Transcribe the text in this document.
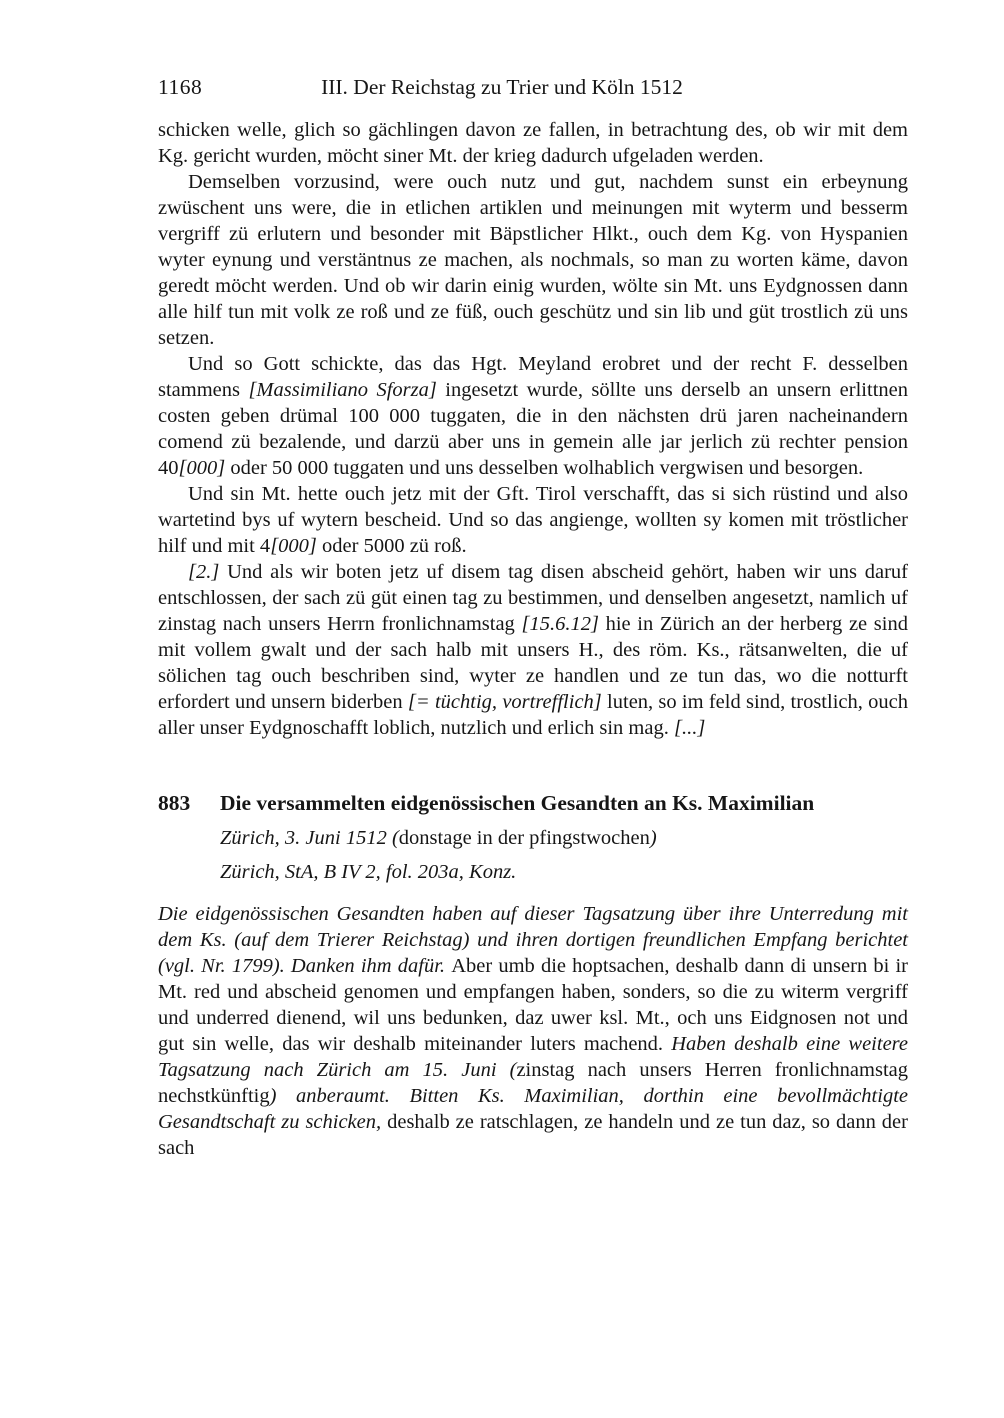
1168	III. Der Reichstag zu Trier und Köln 1512

schicken welle, glich so gächlingen davon ze fallen, in betrachtung des, ob wir mit dem Kg. gericht wurden, möcht siner Mt. der krieg dadurch ufgeladen werden.

Demselben vorzusind, were ouch nutz und gut, nachdem sunst ein erbeynung zwüschent uns were, die in etlichen artiklen und meinungen mit wyterm und besserm vergriff zü erlutern und besonder mit Bäpstlicher Hlkt., ouch dem Kg. von Hyspanien wyter eynung und verstäntnus ze machen, als nochmals, so man zu worten käme, davon geredt möcht werden. Und ob wir darin einig wurden, wölte sin Mt. uns Eydgnossen dann alle hilf tun mit volk ze roß und ze füß, ouch geschütz und sin lib und güt trostlich zü uns setzen.

Und so Gott schickte, das das Hgt. Meyland erobret und der recht F. desselben stammens [Massimiliano Sforza] ingesetzt wurde, söllte uns derselb an unsern erlittnen costen geben drümal 100 000 tuggaten, die in den nächsten drü jaren nacheinandern comend zü bezalende, und darzü aber uns in gemein alle jar jerlich zü rechter pension 40[000] oder 50 000 tuggaten und uns desselben wolhablich vergwisen und besorgen.

Und sin Mt. hette ouch jetz mit der Gft. Tirol verschafft, das si sich rüstind und also wartetind bys uf wytern bescheid. Und so das angienge, wollten sy komen mit tröstlicher hilf und mit 4[000] oder 5000 zü roß.

[2.] Und als wir boten jetz uf disem tag disen abscheid gehört, haben wir uns daruf entschlossen, der sach zü güt einen tag zu bestimmen, und denselben angesetzt, namlich uf zinstag nach unsers Herrn fronlichnamstag [15.6.12] hie in Zürich an der herberg ze sind mit vollem gwalt und der sach halb mit unsers H., des röm. Ks., rätsanwelten, die uf sölichen tag ouch beschriben sind, wyter ze handlen und ze tun das, wo die notturft erfordert und unsern biderben [= tüchtig, vortrefflich] luten, so im feld sind, trostlich, ouch aller unser Eydgnoschafft loblich, nutzlich und erlich sin mag. [...]

883	Die versammelten eidgenössischen Gesandten an Ks. Maximilian

Zürich, 3. Juni 1512 (donstage in der pfingstwochen)

Zürich, StA, B IV 2, fol. 203a, Konz.

Die eidgenössischen Gesandten haben auf dieser Tagsatzung über ihre Unterredung mit dem Ks. (auf dem Trierer Reichstag) und ihren dortigen freundlichen Empfang berichtet (vgl. Nr. 1799). Danken ihm dafür. Aber umb die hoptsachen, deshalb dann di unsern bi ir Mt. red und abscheid genomen und empfangen haben, sonders, so die zu witerm vergriff und underred dienend, wil uns bedunken, daz uwer ksl. Mt., och uns Eidgnosen not und gut sin welle, das wir deshalb miteinander luters machend. Haben deshalb eine weitere Tagsatzung nach Zürich am 15. Juni (zinstag nach unsers Herren fronlichnamstag nechstkünftig) anberaumt. Bitten Ks. Maximilian, dorthin eine bevollmächtigte Gesandtschaft zu schicken, deshalb ze ratschlagen, ze handeln und ze tun daz, so dann der sach
